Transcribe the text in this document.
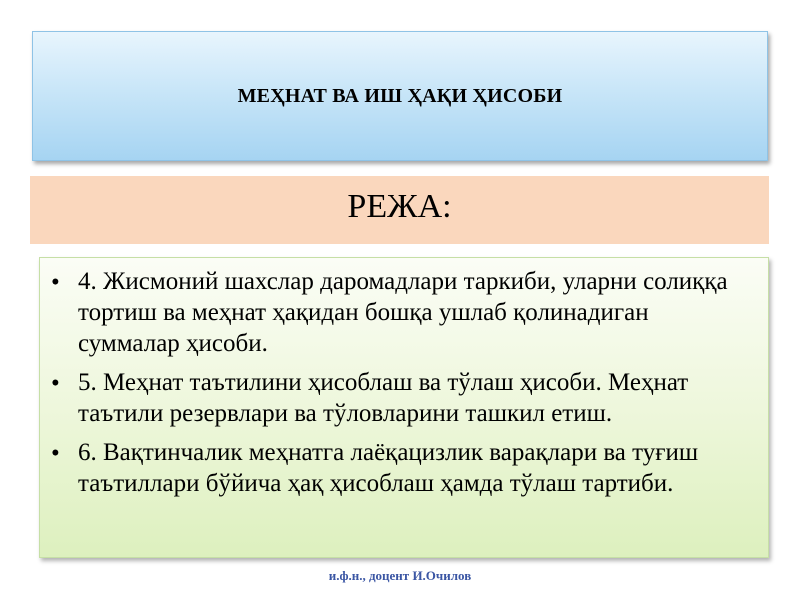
МЕҲНАТ ВА ИШ ҲАҚИ ҲИСОБИ
РЕЖА:
• 4. Жисмоний шахслар даромадлари таркиби, уларни солиққа тортиш ва меҳнат ҳақидан бошқа ушлаб қолинадиган суммалар ҳисоби.
• 5. Меҳнат таътилини ҳисоблаш ва тўлаш ҳисоби. Меҳнат таътили резервлари ва тўловларини ташкил етиш.
• 6. Вақтинчалик меҳнатга лаёқацизлик варақлари ва туғиш таътиллари бўйича ҳақ ҳисоблаш ҳамда тўлаш тартиби.
и.ф.н., доцент И.Очилов
